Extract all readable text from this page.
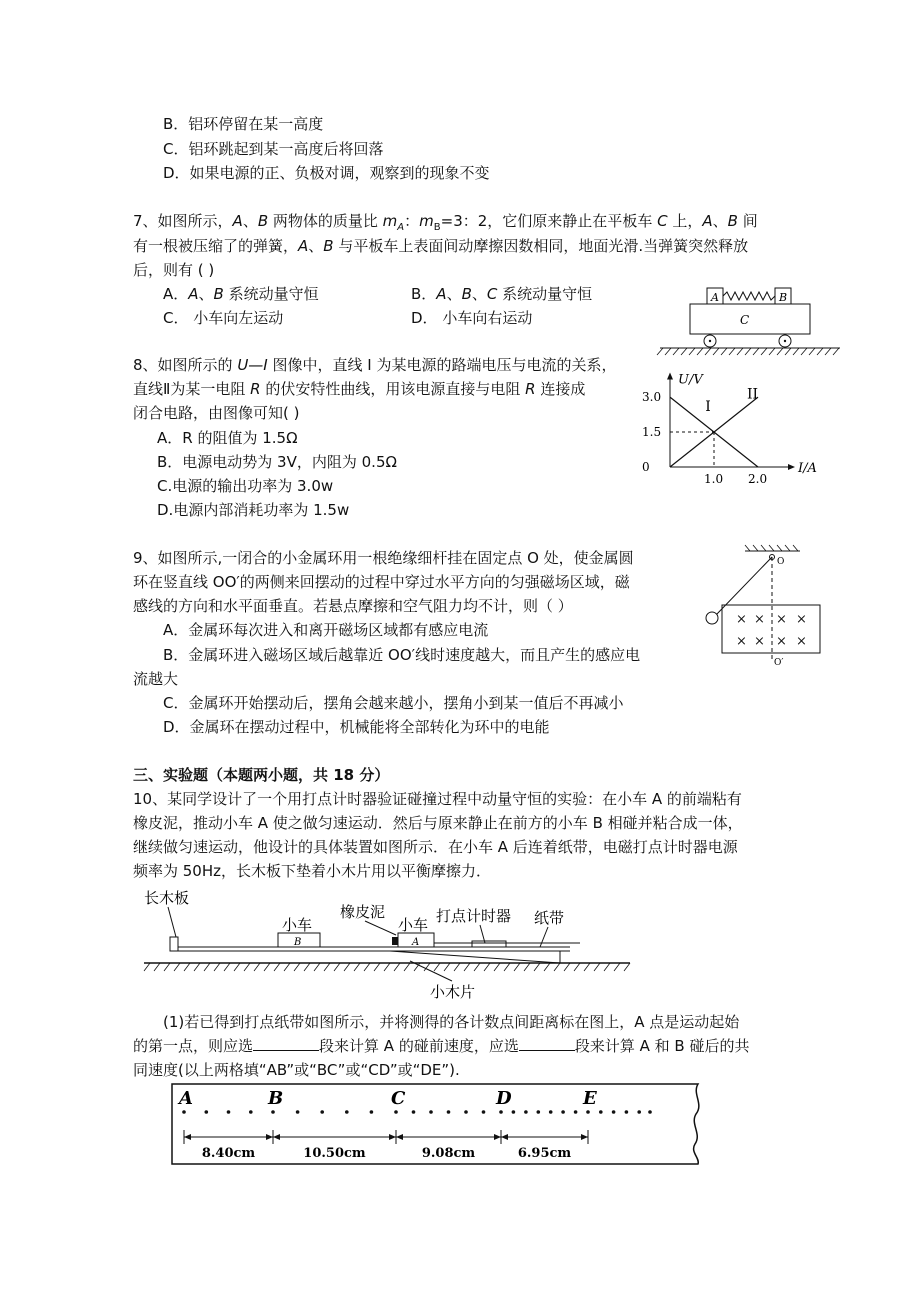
B．铝环停留在某一高度
C．铝环跳起到某一高度后将回落
D．如果电源的正、负极对调，观察到的现象不变
7、如图所示，A、B 两物体的质量比 $m_A$：$m_B=3$：2，它们原来静止在平板车 C 上，A、B 间
有一根被压缩了的弹簧，A、B 与平板车上表面间动摩擦因数相同，地面光滑.当弹簧突然释放
后，则有 ( )
A．A、B 系统动量守恒	B．A、B、C 系统动量守恒
C． 小车向左运动	D． 小车向右运动
A	B
C
8、如图所示的 U—I 图像中，直线 I 为某电源的路端电压与电流的关系，
直线Ⅱ为某一电阻 R 的伏安特性曲线，用该电源直接与电阻 R 连接成
闭合电路，由图像可知( )
A．R 的阻值为 1.5Ω
B．电源电动势为 3V，内阻为 0.5Ω
C.电源的输出功率为 3.0w
D.电源内部消耗功率为 1.5w
I
II
U/V
I/A
3.0
1.5
0
1.0 2.0
9、如图所示,一闭合的小金属环用一根绝缘细杆挂在固定点 O 处，使金属圆
环在竖直线 OO′的两侧来回摆动的过程中穿过水平方向的匀强磁场区域，磁
感线的方向和水平面垂直。若悬点摩擦和空气阻力均不计，则（ ）
A．金属环每次进入和离开磁场区域都有感应电流
B．金属环进入磁场区域后越靠近 OO′线时速度越大，而且产生的感应电
流越大
C．金属环开始摆动后，摆角会越来越小，摆角小到某一值后不再减小
D．金属环在摆动过程中，机械能将全部转化为环中的电能
O
× × × ×
× × × ×
O′
三、实验题（本题两小题，共 18 分）
10、某同学设计了一个用打点计时器验证碰撞过程中动量守恒的实验：在小车 A 的前端粘有
橡皮泥，推动小车 A 使之做匀速运动．然后与原来静止在前方的小车 B 相碰并粘合成一体，
继续做匀速运动，他设计的具体装置如图所示．在小车 A 后连着纸带，电磁打点计时器电源
频率为 50Hz，长木板下垫着小木片用以平衡摩擦力．
长木板
小车
橡皮泥
小车 打点计时器 纸带
小木片
B	A
(1)若已得到打点纸带如图所示，并将测得的各计数点间距离标在图上，A 点是运动起始
的第一点，则应选	段来计算 A 的碰前速度，应选	段来计算 A 和 B 碰后的共
同速度(以上两格填“AB”或“BC”或“CD”或“DE”).
A	B	C	D	E
8.40cm	10.50cm	9.08cm	6.95cm
